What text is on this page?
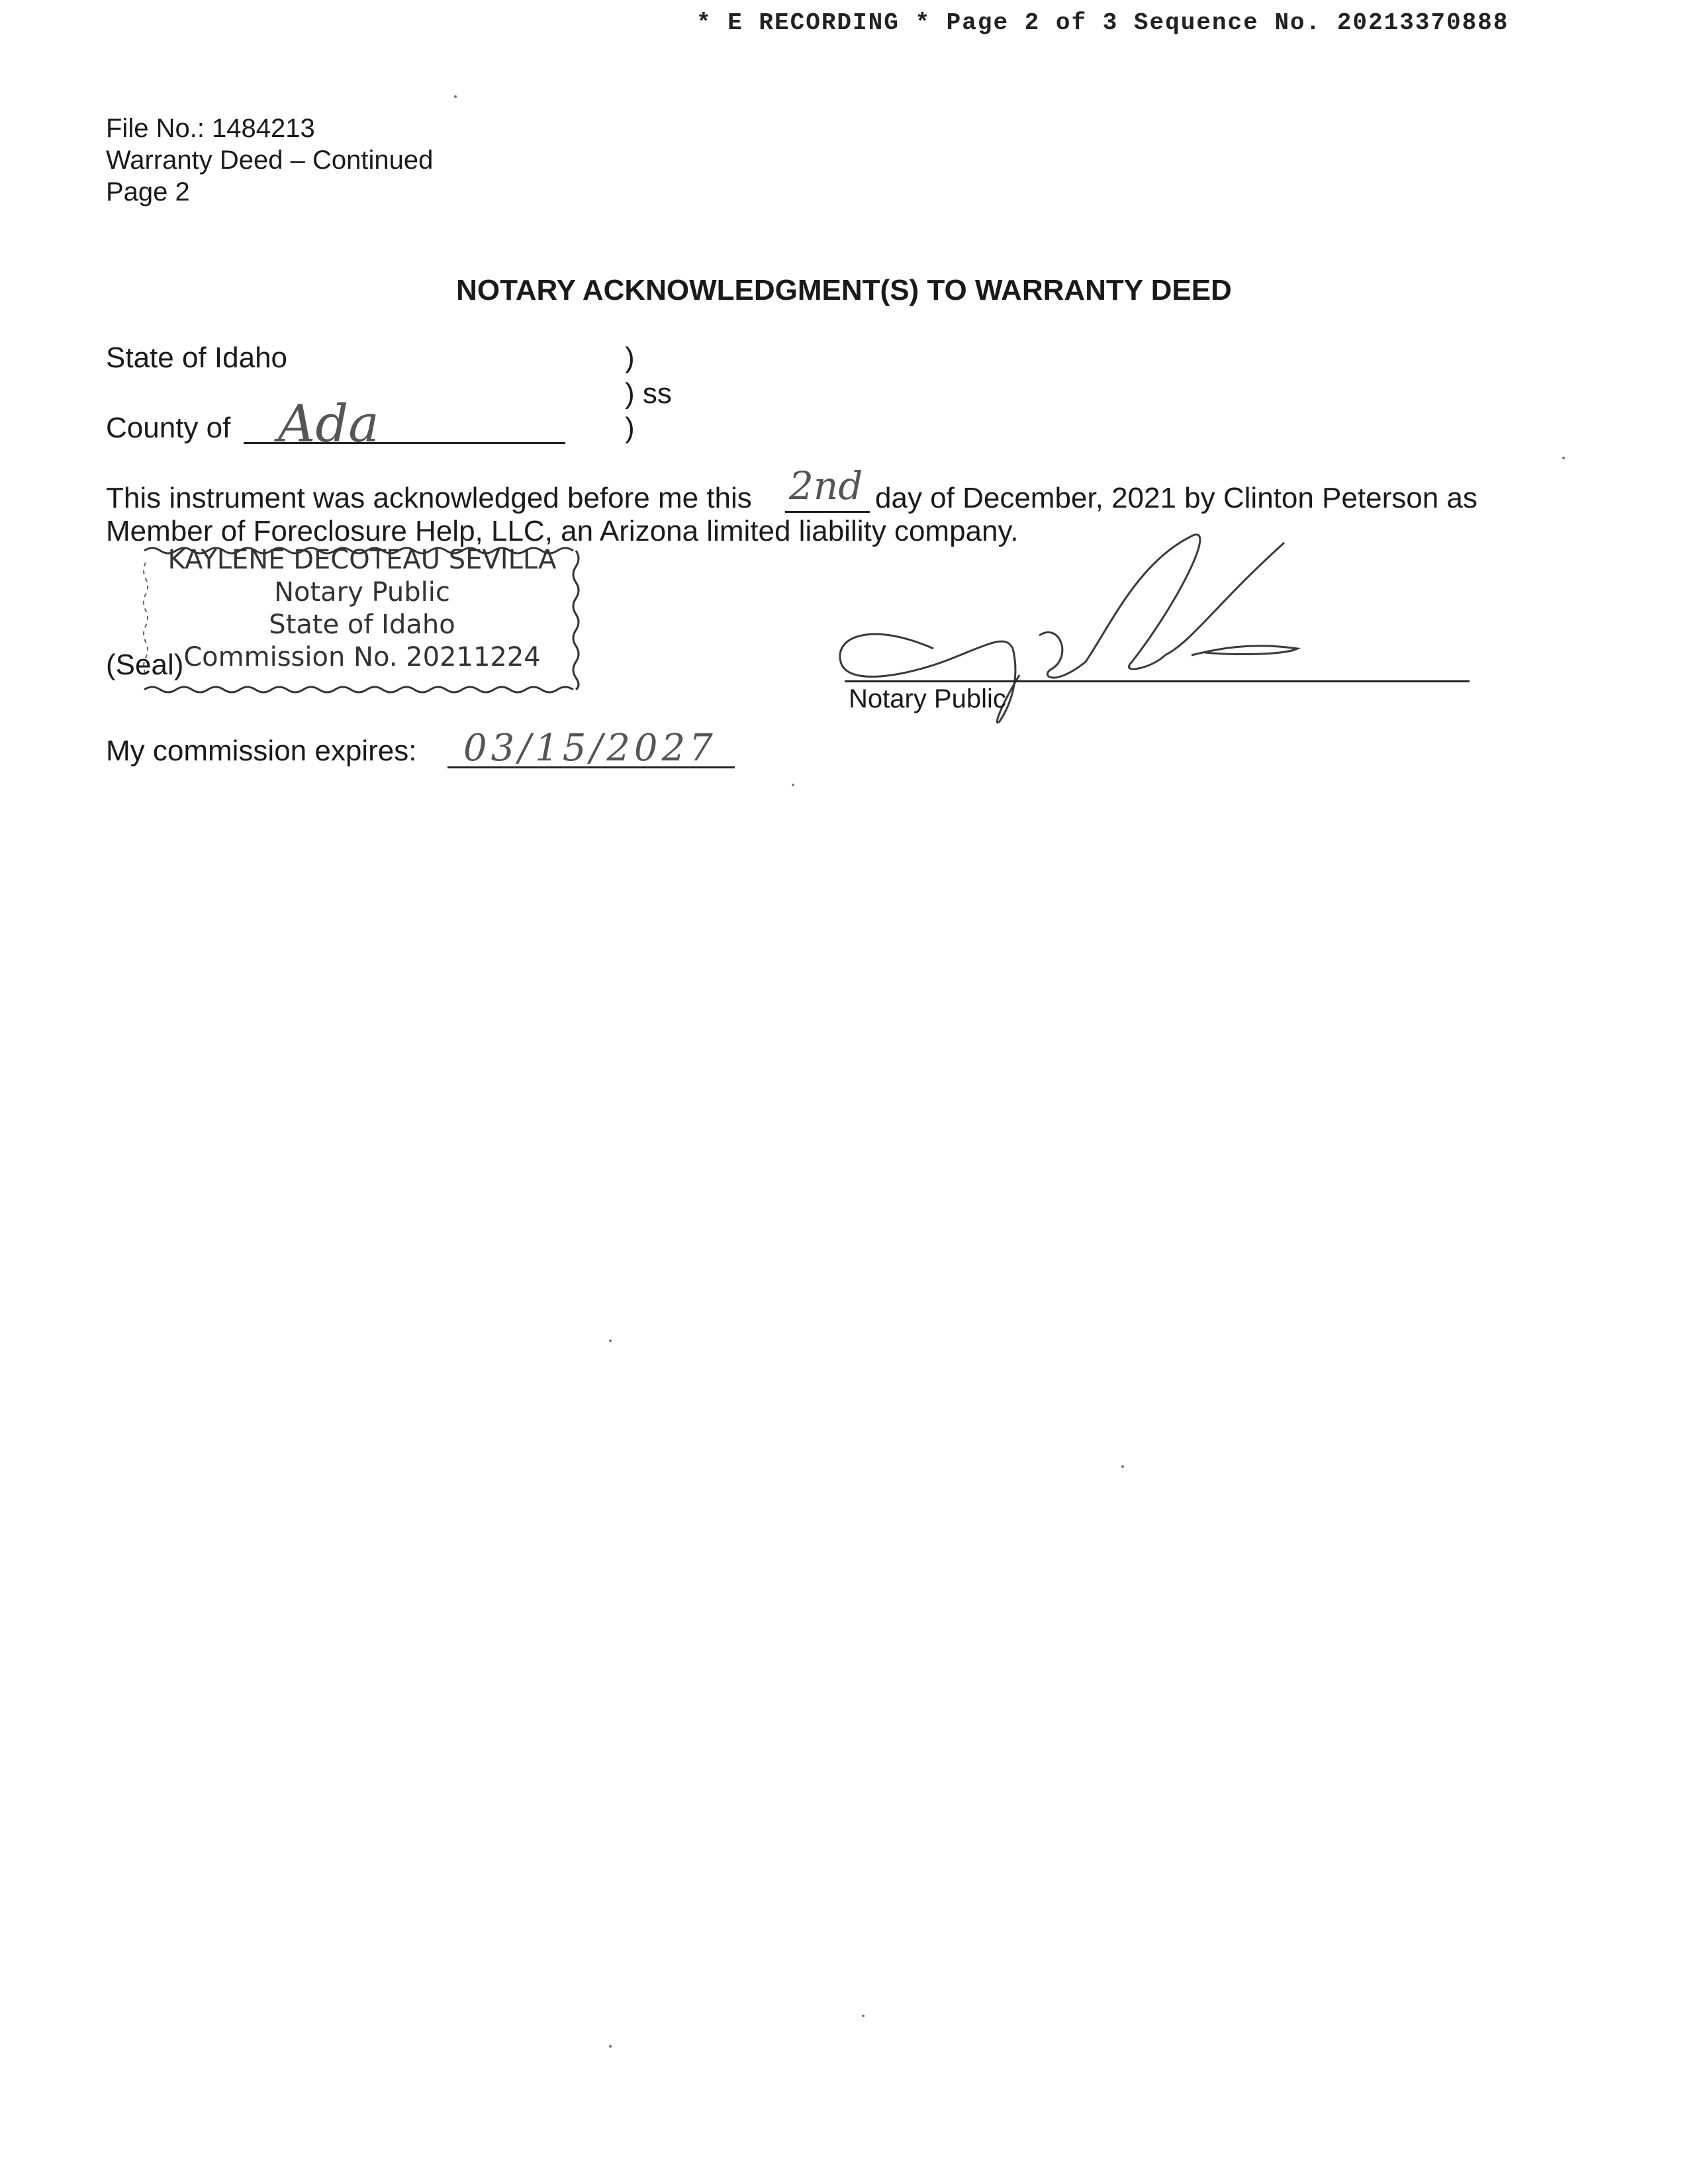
* E RECORDING * Page 2 of 3 Sequence No. 20213370888
File No.: 1484213
Warranty Deed – Continued
Page 2
NOTARY ACKNOWLEDGMENT(S) TO WARRANTY DEED
State of Idaho
County of Ada
)
) ss
)
This instrument was acknowledged before me this 2nd day of December, 2021 by Clinton Peterson as
Member of Foreclosure Help, LLC, an Arizona limited liability company.
KAYLENE DECOTEAU SEVILLA
Notary Public
State of Idaho
Commission No. 20211224
(Seal)
Notary Public
My commission expires: 03/15/2027
